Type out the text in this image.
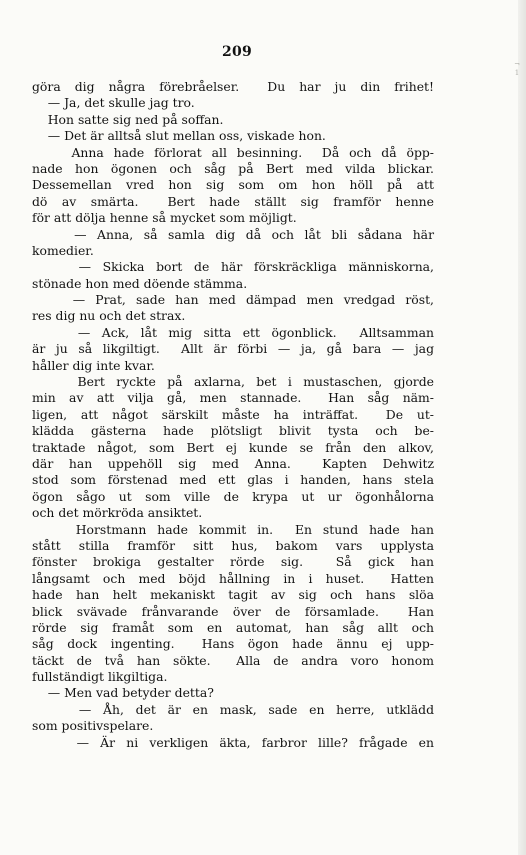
209
göra dig några förebråelser.  Du har ju din frihet!
— Ja, det skulle jag tro.
Hon satte sig ned på soffan.
— Det är alltså slut mellan oss, viskade hon.
Anna hade förlorat all besinning.  Då och då öpp-
nade hon ögonen och såg på Bert med vilda blickar.
Dessemellan vred hon sig som om hon höll på att
dö av smärta.  Bert hade ställt sig framför henne
för att dölja henne så mycket som möjligt.
— Anna, så samla dig då och låt bli sådana här
komedier.
— Skicka bort de här förskräckliga människorna,
stönade hon med döende stämma.
— Prat, sade han med dämpad men vredgad röst,
res dig nu och det strax.
— Ack, låt mig sitta ett ögonblick.  Alltsamman
är ju så likgiltigt.  Allt är förbi — ja, gå bara — jag
håller dig inte kvar.
Bert ryckte på axlarna, bet i mustaschen, gjorde
min av att vilja gå, men stannade.  Han såg näm-
ligen, att något särskilt måste ha inträffat.  De ut-
klädda gästerna hade plötsligt blivit tysta och be-
traktade något, som Bert ej kunde se från den alkov,
där han uppehöll sig med Anna.  Kapten Dehwitz
stod som förstenad med ett glas i handen, hans stela
ögon sågo ut som ville de krypa ut ur ögonhålorna
och det mörkröda ansiktet.
Horstmann hade kommit in.  En stund hade han
stått stilla framför sitt hus, bakom vars upplysta
fönster brokiga gestalter rörde sig.  Så gick han
långsamt och med böjd hållning in i huset.  Hatten
hade han helt mekaniskt tagit av sig och hans slöa
blick svävade frånvarande över de församlade.  Han
rörde sig framåt som en automat, han såg allt och
såg dock ingenting.  Hans ögon hade ännu ej upp-
täckt de två han sökte.  Alla de andra voro honom
fullständigt likgiltiga.
— Men vad betyder detta?
— Åh, det är en mask, sade en herre, utklädd
som positivspelare.
— Är ni verkligen äkta, farbror lille? frågade en
¬ 1
